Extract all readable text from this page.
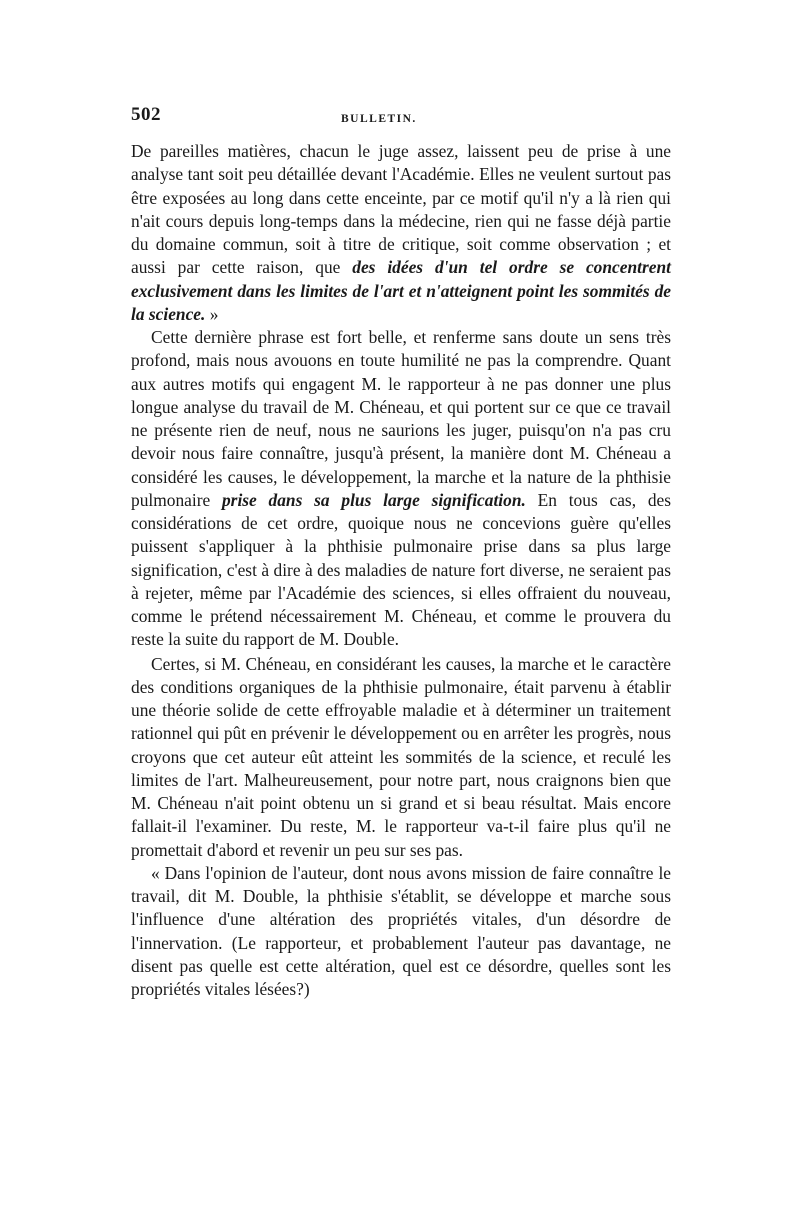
502	BULLETIN.

De pareilles matières, chacun le juge assez, laissent peu de prise à une analyse tant soit peu détaillée devant l'Académie. Elles ne veulent surtout pas être exposées au long dans cette enceinte, par ce motif qu'il n'y a là rien qui n'ait cours depuis long-temps dans la médecine, rien qui ne fasse déjà partie du domaine commun, soit à titre de critique, soit comme observation ; et aussi par cette raison, que des idées d'un tel ordre se concentrent exclusivement dans les limites de l'art et n'atteignent point les sommités de la science. »

Cette dernière phrase est fort belle, et renferme sans doute un sens très profond, mais nous avouons en toute humilité ne pas la comprendre. Quant aux autres motifs qui engagent M. le rapporteur à ne pas donner une plus longue analyse du travail de M. Chéneau, et qui portent sur ce que ce travail ne présente rien de neuf, nous ne saurions les juger, puisqu'on n'a pas cru devoir nous faire connaître, jusqu'à présent, la manière dont M. Chéneau a considéré les causes, le développement, la marche et la nature de la phthisie pulmonaire prise dans sa plus large signification. En tous cas, des considérations de cet ordre, quoique nous ne concevions guère qu'elles puissent s'appliquer à la phthisie pulmonaire prise dans sa plus large signification, c'est à dire à des maladies de nature fort diverse, ne seraient pas à rejeter, même par l'Académie des sciences, si elles offraient du nouveau, comme le prétend nécessairement M. Chéneau, et comme le prouvera du reste la suite du rapport de M. Double.

Certes, si M. Chéneau, en considérant les causes, la marche et le caractère des conditions organiques de la phthisie pulmonaire, était parvenu à établir une théorie solide de cette effroyable maladie et à déterminer un traitement rationnel qui pût en prévenir le développement ou en arrêter les progrès, nous croyons que cet auteur eût atteint les sommités de la science, et reculé les limites de l'art. Malheureusement, pour notre part, nous craignons bien que M. Chéneau n'ait point obtenu un si grand et si beau résultat. Mais encore fallait-il l'examiner. Du reste, M. le rapporteur va-t-il faire plus qu'il ne promettait d'abord et revenir un peu sur ses pas.

« Dans l'opinion de l'auteur, dont nous avons mission de faire connaître le travail, dit M. Double, la phthisie s'établit, se développe et marche sous l'influence d'une altération des propriétés vitales, d'un désordre de l'innervation. (Le rapporteur, et probablement l'auteur pas davantage, ne disent pas quelle est cette altération, quel est ce désordre, quelles sont les propriétés vitales lésées?)
